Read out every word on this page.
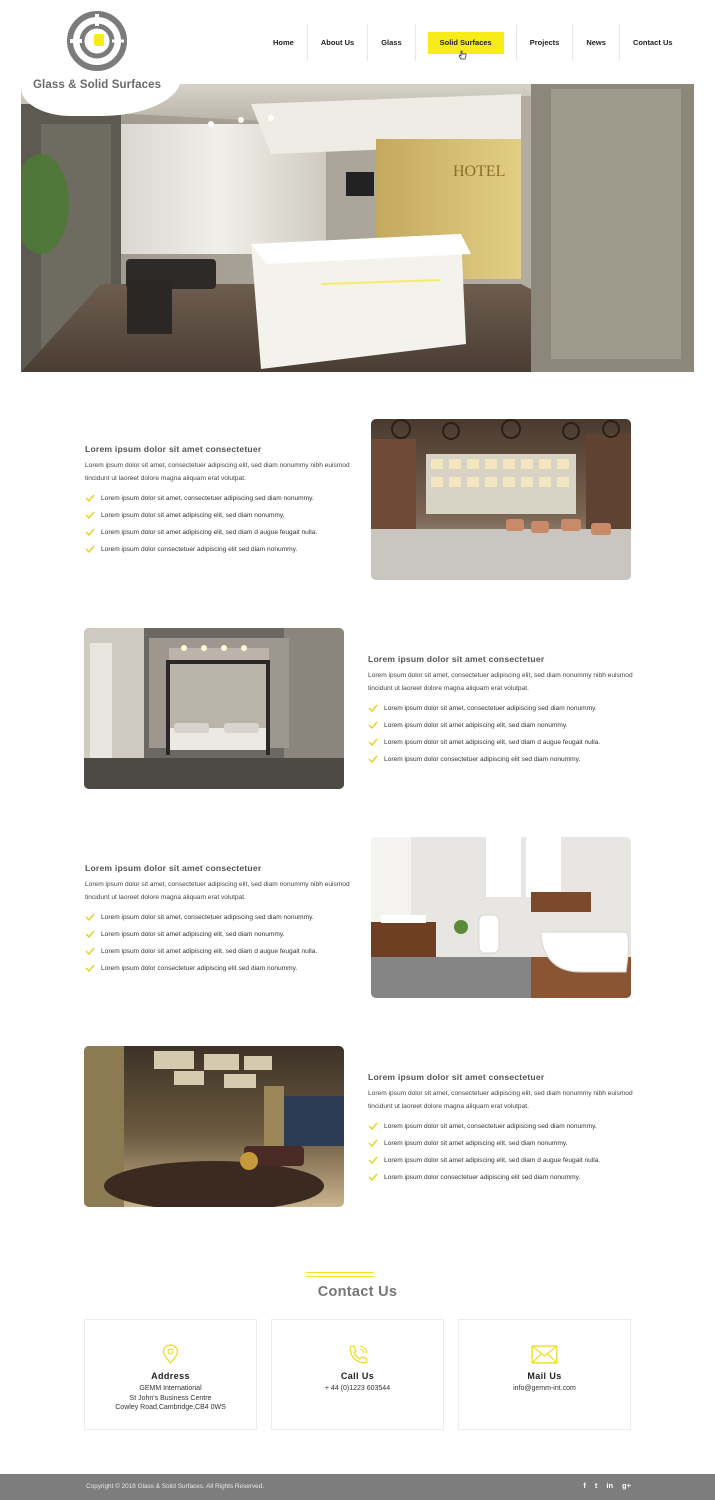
Glass & Solid Surfaces
Home	About Us	Glass	Solid Surfaces	Projects	News	Contact Us
HOTEL
Lorem ipsum dolor sit amet consectetuer
Lorem ipsum dolor sit amet, consectetuer adipiscing elit, sed diam nonummy nibh euismod tincidunt ut laoreet dolore magna aliquam erat volutpat.
Lorem ipsum dolor sit amet, consectetuer adipiscing sed diam nonummy.
Lorem ipsum dolor sit amet adipiscing elit, sed diam nonummy.
Lorem ipsum dolor sit amet adipiscing elit, sed diam d augue feugait nulla.
Lorem ipsum dolor consectetuer adipiscing elit sed diam nonummy.
Lorem ipsum dolor sit amet consectetuer
Lorem ipsum dolor sit amet, consectetuer adipiscing elit, sed diam nonummy nibh euismod tincidunt ut laoreet dolore magna aliquam erat volutpat.
Lorem ipsum dolor sit amet, consectetuer adipiscing sed diam nonummy.
Lorem ipsum dolor sit amet adipiscing elit, sed diam nonummy.
Lorem ipsum dolor sit amet adipiscing elit, sed diam d augue feugait nulla.
Lorem ipsum dolor consectetuer adipiscing elit sed diam nonummy.
Lorem ipsum dolor sit amet consectetuer
Lorem ipsum dolor sit amet, consectetuer adipiscing elit, sed diam nonummy nibh euismod tincidunt ut laoreet dolore magna aliquam erat volutpat.
Lorem ipsum dolor sit amet, consectetuer adipiscing sed diam nonummy.
Lorem ipsum dolor sit amet adipiscing elit, sed diam nonummy.
Lorem ipsum dolor sit amet adipiscing elit, sed diam d augue feugait nulla.
Lorem ipsum dolor consectetuer adipiscing elit sed diam nonummy.
Lorem ipsum dolor sit amet consectetuer
Lorem ipsum dolor sit amet, consectetuer adipiscing elit, sed diam nonummy nibh euismod tincidunt ut laoreet dolore magna aliquam erat volutpat.
Lorem ipsum dolor sit amet, consectetuer adipiscing sed diam nonummy.
Lorem ipsum dolor sit amet adipiscing elit, sed diam nonummy.
Lorem ipsum dolor sit amet adipiscing elit, sed diam d augue feugait nulla.
Lorem ipsum dolor consectetuer adipiscing elit sed diam nonummy.
Contact Us
Address
GEMM International
St John's Business Centre
Cowley Road,Cambridge,CB4 0WS
Call Us
+ 44 (0)1223 603544
Mail Us
info@gemm-int.com
Copyright © 2018 Glass & Solid Surfaces. All Rights Reserved.	f t in g+
